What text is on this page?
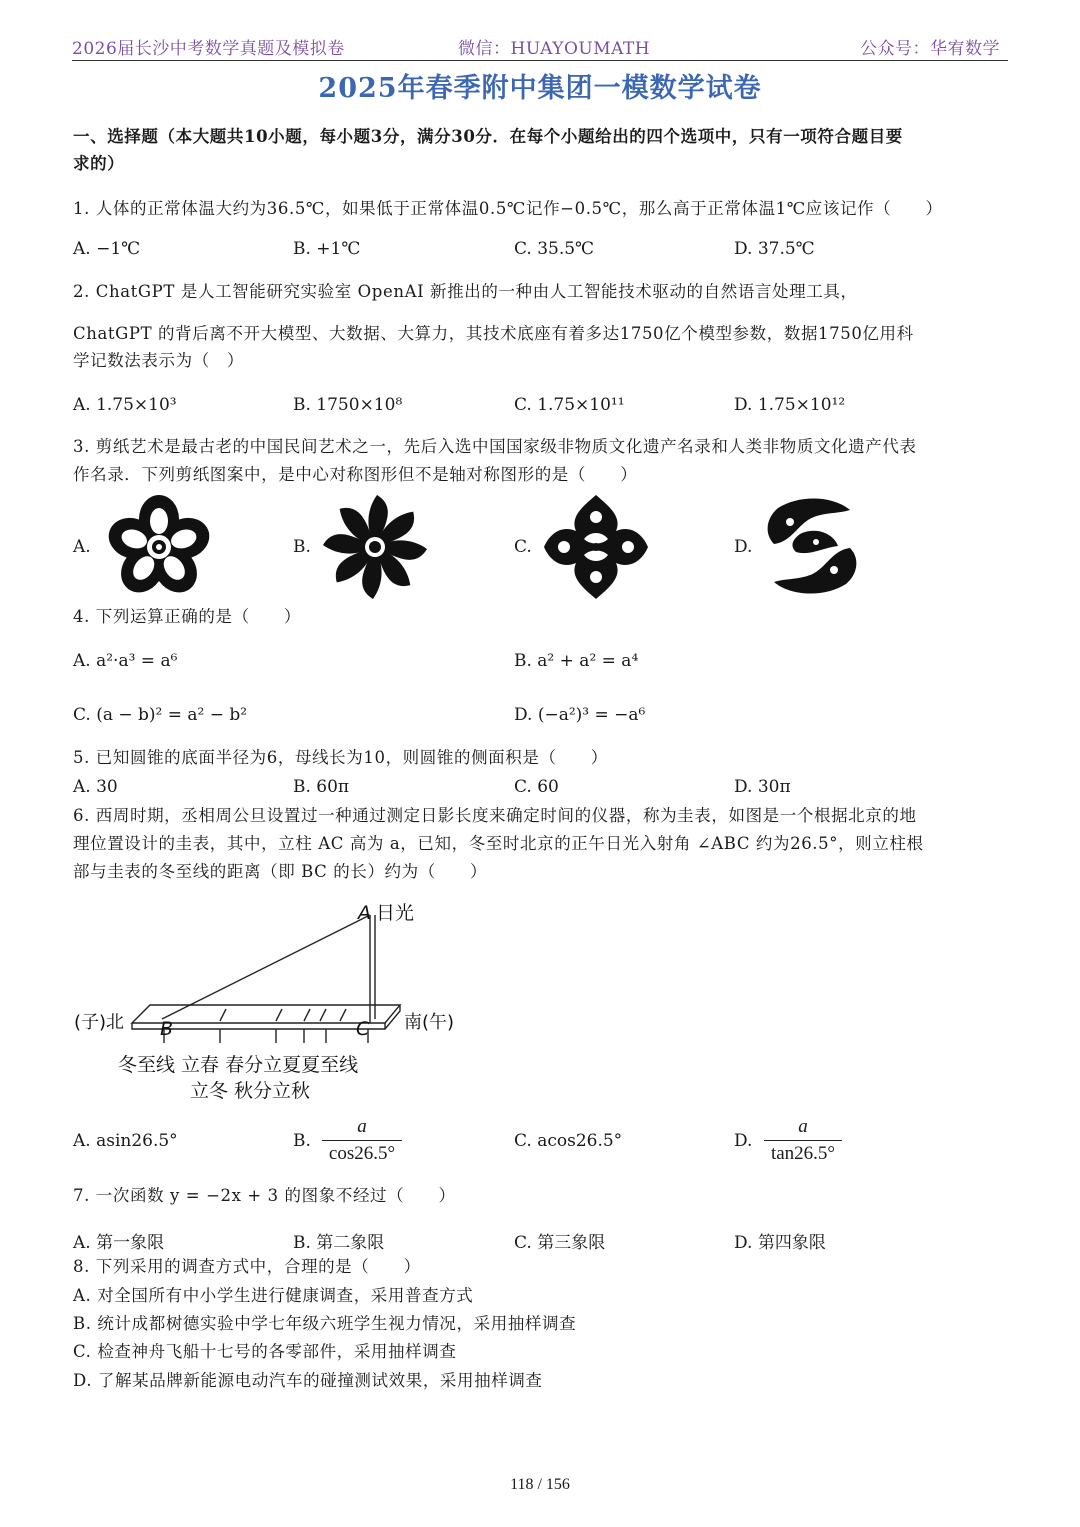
2026届长沙中考数学真题及模拟卷	微信：HUAYOUMATH	公众号：华宥数学
2025年春季附中集团一模数学试卷
一、选择题（本大题共10小题，每小题3分，满分30分．在每个小题给出的四个选项中，只有一项符合题目要
求的）
1. 人体的正常体温大约为36.5℃，如果低于正常体温0.5℃记作−0.5℃，那么高于正常体温1℃应该记作（　　）
A. −1℃	B. +1℃	C. 35.5℃	D. 37.5℃
2. ChatGPT 是人工智能研究实验室 OpenAI 新推出的一种由人工智能技术驱动的自然语言处理工具，
ChatGPT 的背后离不开大模型、大数据、大算力，其技术底座有着多达1750亿个模型参数，数据1750亿用科
学记数法表示为（　）
A. 1.75×10³	B. 1750×10⁸	C. 1.75×10¹¹	D. 1.75×10¹²
3. 剪纸艺术是最古老的中国民间艺术之一，先后入选中国国家级非物质文化遗产名录和人类非物质文化遗产代表
作名录．下列剪纸图案中，是中心对称图形但不是轴对称图形的是（　　）
A.	B.	C.	D.
4. 下列运算正确的是（　　）
A. a²·a³ = a⁶	B. a² + a² = a⁴
C. (a − b)² = a² − b²	D. (−a²)³ = −a⁶
5. 已知圆锥的底面半径为6，母线长为10，则圆锥的侧面积是（　　）
A. 30	B. 60π	C. 60	D. 30π
6. 西周时期，丞相周公旦设置过一种通过测定日影长度来确定时间的仪器，称为圭表，如图是一个根据北京的地
理位置设计的圭表，其中，立柱 AC 高为 a，已知，冬至时北京的正午日光入射角 ∠ABC 约为26.5°，则立柱根
部与圭表的冬至线的距离（即 BC 的长）约为（　　）
A 日光
B	C
(子)北	南(午)
冬至线 立春 春分立夏夏至线
立冬 秋分立秋
A. asin26.5°	B.
a
cos26.5°
C. acos26.5°	D.
a
tan26.5°
7. 一次函数 y = −2x + 3 的图象不经过（　　）
A. 第一象限	B. 第二象限	C. 第三象限	D. 第四象限
8. 下列采用的调查方式中，合理的是（　　）
A. 对全国所有中小学生进行健康调查，采用普查方式
B. 统计成都树德实验中学七年级六班学生视力情况，采用抽样调查
C. 检查神舟飞船十七号的各零部件，采用抽样调查
D. 了解某品牌新能源电动汽车的碰撞测试效果，采用抽样调查
118 / 156
